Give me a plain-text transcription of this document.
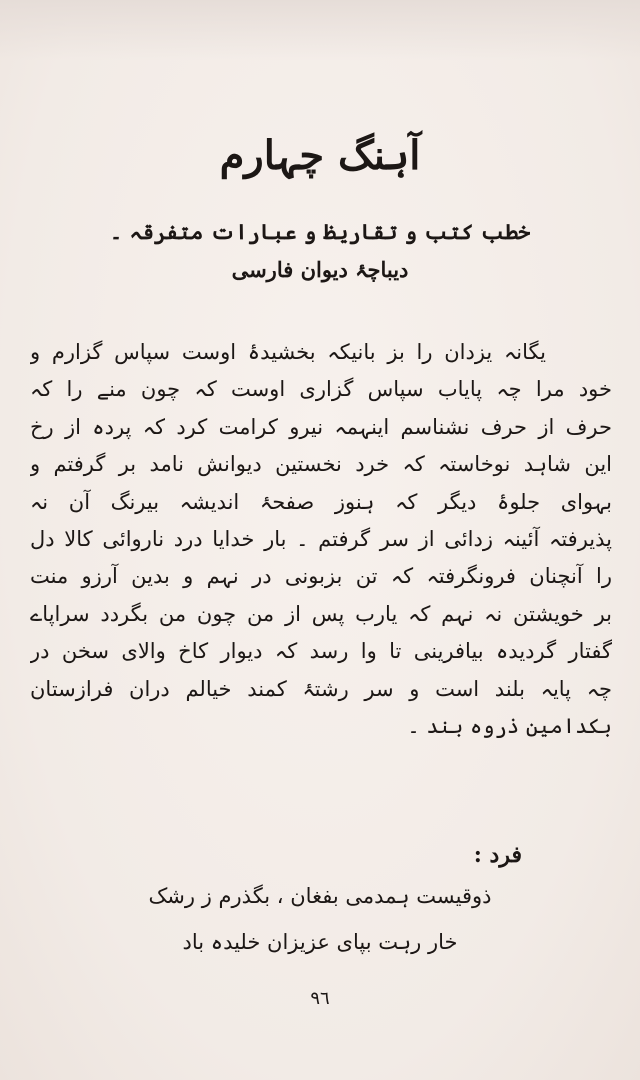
آہنگ چہارم
خطب کتب و تقاریظ و عبارات متفرقہ ۔
دیباچۂ دیوان فارسی
یگانہ یزدان را بز بانیکہ بخشیدۂ اوست سپاس گزارم و
خود مرا چہ پایاب سپاس گزاری اوست کہ چون منے را کہ
حرف از حرف نشناسم اینہمہ نیرو کرامت کرد کہ پردہ از رخ
این شاہد نوخاستہ کہ خرد نخستین دیوانش نامد بر گرفتم و
بہوای جلوۂ دیگر کہ ہنوز صفحۂ اندیشہ بیرنگ آن نہ
پذیرفتہ آئینہ زدائی از سر گرفتم ۔ بار خدایا درد ناروائی کالا دل
را آنچنان فرونگرفتہ کہ تن بزبونی در نہم و بدین آرزو منت
بر خویشتن نہ نہم کہ یارب پس از من چون من بگردد سراپاے
گفتار گردیدہ بیافرینی تا وا رسد کہ دیوار کاخ والای سخن در
چہ پایہ بلند است و سر رشتۂ کمند خیالم دران فرازستان
بکدامین ذروہ بند ۔
فرد :
ذوقیست ہمدمی بفغان ، بگذرم ز رشک
خار رہت بپای عزیزان خلیدہ باد
٩٦
